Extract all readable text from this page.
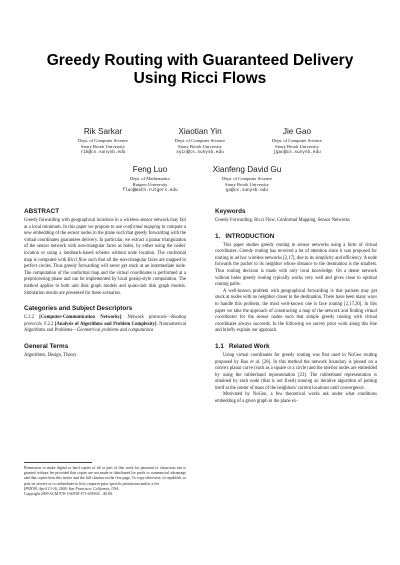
Greedy Routing with Guaranteed Delivery
Using Ricci Flows
Rik Sarkar
Dept. of Computer Science
Stony Brook University
rik@cs.sunysb.edu
Xiaotian Yin
Dept. of Computer Science
Stony Brook University
xyin@cs.sunysb.edu
Jie Gao
Dept. of Computer Science
Stony Brook University
jgao@cs.sunysb.edu
Feng Luo
Dept. of Mathematics
Rutgers University
fluo@math.rutgers.edu
Xianfeng David Gu
Dept. of Computer Science
Stony Brook University
gu@cs.sunysb.edu
ABSTRACT

Greedy forwarding with geographical locations in a wireless sensor network may fail at a local minimum. In this paper we propose to use conformal mapping to compute a new embedding of the sensor nodes in the plane such that greedy forwarding with the virtual coordinates guarantees delivery. In particular, we extract a planar triangulation of the sensor network with non-triangular faces as holes, by either using the nodes' location or using a landmark-based scheme without node location. The conformal map is computed with Ricci flow such that all the non-triangular faces are mapped to perfect circles. Thus greedy forwarding will never get stuck at an intermediate node. The computation of the conformal map and the virtual coordinates is performed at a preprocessing phase and can be implemented by local gossip-style computation. The method applies to both unit disk graph models and quasi-unit disk graph models. Simulation results are presented for these scenarios.

Categories and Subject Descriptors

C.2.2 [Computer-Communication Networks]: Network protocols—Routing protocols, F.2.2 [Analysis of Algorithms and Problem Complexity]: Nonnumerical Algorithms and Problems—Geometrical problems and computations

General Terms

Algorithms, Design, Theory

Permission to make digital or hard copies of all or part of this work for personal or classroom use is granted without fee provided that copies are not made or distributed for profit or commercial advantage and that copies bear this notice and the full citation on the first page. To copy otherwise, to republish, to post on servers or to redistribute to lists, requires prior specific permission and/or a fee.
IPSN'09, April 13-16, 2009, San Francisco, California, USA.
Copyright 2009 ACM 978-1-60558-371-6/09/04 ...$5.00.
Keywords

Greedy Forwarding, Ricci Flow, Conformal Mapping, Sensor Networks

1. INTRODUCTION

This paper studies greedy routing in sensor networks using a form of virtual coordinates. Greedy routing has received a lot of attention since it was proposed for routing in ad hoc wireless networks [2,17], due to its simplicity and efficiency. A node forwards the packet to its neighbor whose distance to the destination is the smallest. Thus routing decision is made with only local knowledge. On a dense network without holes greedy routing typically works very well and gives close to optimal routing paths.

A well-known problem with geographical forwarding is that packets may get stuck at nodes with no neighbor closer to the destination. There have been many ways to handle this problem, the most well-known one is face routing [2,17,20]. In this paper we take the approach of constructing a map of the network and finding virtual coordinates for the sensor nodes such that simple greedy routing with virtual coordinates always succeeds. In the following we survey prior work along this line and briefly explain our approach.

1.1 Related Work

Using virtual coordinates for greedy routing was first used in NoGeo routing proposed by Rao et al. [28]. In this method the network boundary is pinned on a convex planar curve (such as a square or a circle) and the interior nodes are embedded by using the rubberband representation [23]. The rubberband representation is obtained by each node (that is not fixed) running an iterative algorithm of putting itself at the center of mass of the neighbors' current locations until convergence.

Motivated by NoGeo, a few theoretical works ask under what conditions embedding of a given graph in the plane ex-
